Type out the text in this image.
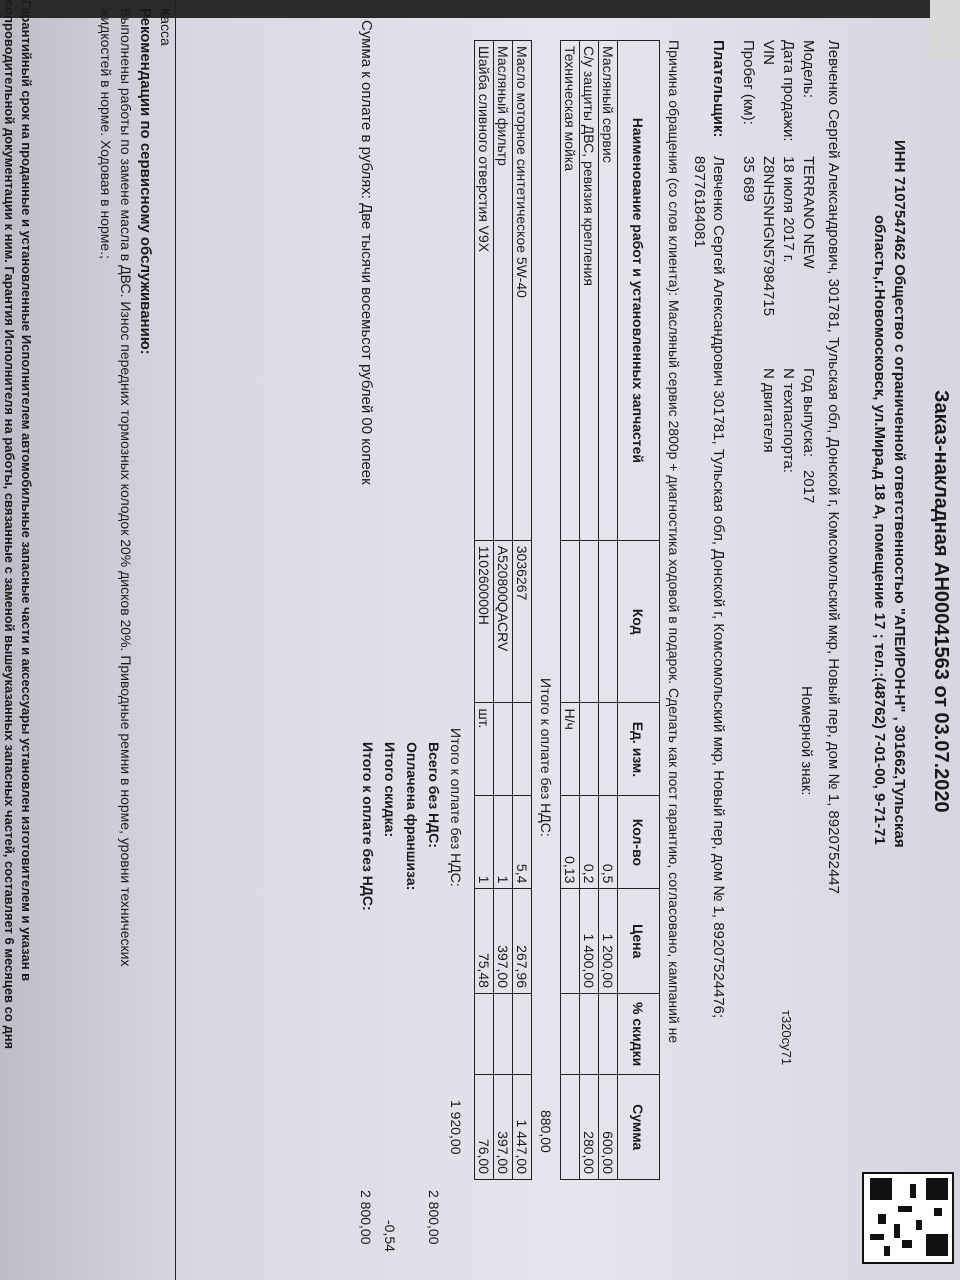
Заказ-накладная АН00041563 от 03.07.2020
ИНН 7107547462 Общество с ограниченной ответственностью "АПЕИРОН-Н" , 301662,Тульская
область,г.Новомосковск, ул.Мира,д 18 А, помещение 17 ; тел.:(48762) 7-01-00, 9-71-71
Левченко Сергей Александрович, 301781, Тульская обл, Донской г, Комсомольский мкр, Новый пер, дом № 1, 8920752447
Модель:
TERRANO NEW
Дата продажи:
18 июля 2017 г.
VIN
Z8NHSNHGN57984715
Пробег (км):
35 689
Год выпуска:
2017
N техпаспорта:
N двигателя
Номерной знак:
т320су71
Плательщик:
Левченко Сергей Александрович 301781, Тульская обл, Донской г, Комсомольский мкр, Новый пер, дом № 1, 89207524476;
89776184081
Причина обращения (со слов клиента): Масляный сервис 2800р + диагностика ходовой в подарок. Сделать как пост гарантию, согласовано, кампаний не
Наименование работ и установленных запчастей	Код	Ед. изм.	Кол-во	Цена	% скидки	Сумма
Масляный сервис			0,5	1 200,00		600,00
С/у защиты ДВС, ревизия крепления			0,2	1 400,00		280,00
Техническая мойка		Н/ч	0,13			
Итого к оплате без НДС:
880,00
Масло моторное синтетическое 5W-40	3036267		5,4	267,96		1 447,00
Масляный фильтр	A520800QACRV		1	397,00		397,00
Шайба сливного отверстия V9X	110260000H	шт.	1	75,48		76,00
Итого к оплате без НДС:
1 920,00
Всего без НДС:
2 800,00
Оплачена франшиза:
Итого скидка:
-0,54
Итого к оплате без НДС:
2 800,00
Сумма к оплате в рублях: Две тысячи восемьсот рублей 00 копеек
Касса
Рекомендации по сервисному обслуживанию:
Выполнены работы по замене масла в ДВС. Износ передних тормозных колодок 20% дисков 20%. Приводные ремни в норме, уровни технических
жидкостей в норме. Ходовая в норме.;
Гарантийный срок на проданные и установленные Исполнителем автомобильные запасные части и аксессуары установлен изготовителем и указан в
сопроводительной документации к ним. Гарантия Исполнителя на работы, связанные с заменой вышеуказанных запасных частей, составляет 6 месяцев со дня
